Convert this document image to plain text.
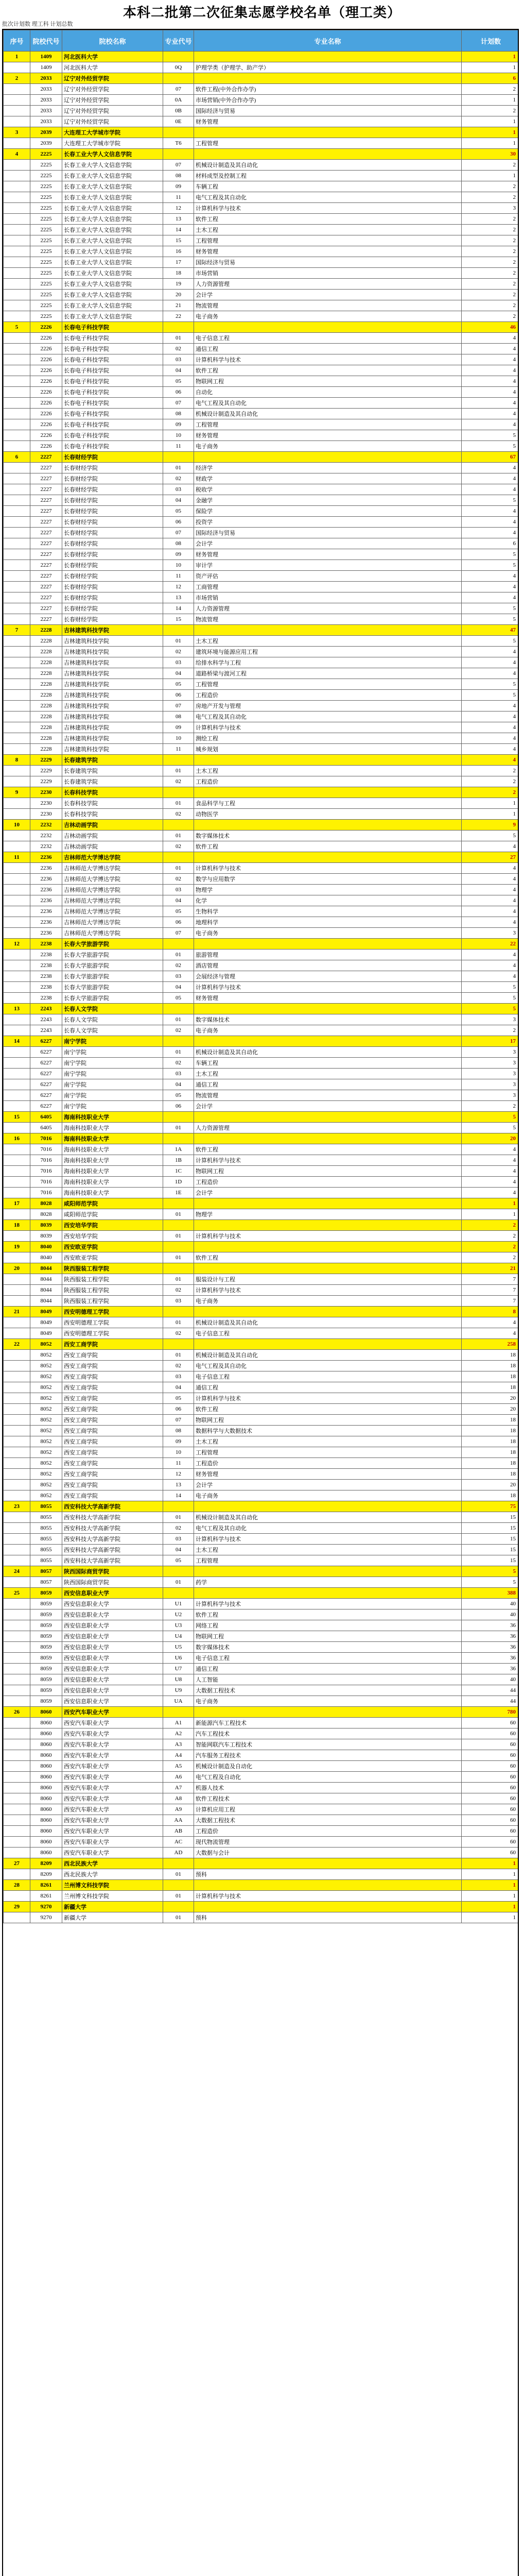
本科二批第二次征集志愿学校名单（理工类）
批次计划数 理工科 计划总数
序号	院校代号	院校名称	专业代号	专业名称	计划数
1	1409	河北医科大学			1
	1409	河北医科大学	0Q	护理学类（护理学、助产学）	1
2	2033	辽宁对外经贸学院			6
	2033	辽宁对外经贸学院	07	软件工程(中外合作办学)	2
	2033	辽宁对外经贸学院	0A	市场营销(中外合作办学)	1
	2033	辽宁对外经贸学院	0B	国际经济与贸易	2
	2033	辽宁对外经贸学院	0E	财务管理	1
3	2039	大连理工大学城市学院			1
	2039	大连理工大学城市学院	T6	工程管理	1
4	2225	长春工业大学人文信息学院			30
	2225	长春工业大学人文信息学院	07	机械设计制造及其自动化	2
	2225	长春工业大学人文信息学院	08	材料成型及控制工程	1
	2225	长春工业大学人文信息学院	09	车辆工程	2
	2225	长春工业大学人文信息学院	11	电气工程及其自动化	2
	2225	长春工业大学人文信息学院	12	计算机科学与技术	3
	2225	长春工业大学人文信息学院	13	软件工程	2
	2225	长春工业大学人文信息学院	14	土木工程	2
	2225	长春工业大学人文信息学院	15	工程管理	2
	2225	长春工业大学人文信息学院	16	财务管理	2
	2225	长春工业大学人文信息学院	17	国际经济与贸易	2
	2225	长春工业大学人文信息学院	18	市场营销	2
	2225	长春工业大学人文信息学院	19	人力资源管理	2
	2225	长春工业大学人文信息学院	20	会计学	2
	2225	长春工业大学人文信息学院	21	物流管理	2
	2225	长春工业大学人文信息学院	22	电子商务	2
5	2226	长春电子科技学院			46
	2226	长春电子科技学院	01	电子信息工程	4
	2226	长春电子科技学院	02	通信工程	4
	2226	长春电子科技学院	03	计算机科学与技术	4
	2226	长春电子科技学院	04	软件工程	4
	2226	长春电子科技学院	05	物联网工程	4
	2226	长春电子科技学院	06	自动化	4
	2226	长春电子科技学院	07	电气工程及其自动化	4
	2226	长春电子科技学院	08	机械设计制造及其自动化	4
	2226	长春电子科技学院	09	工程管理	4
	2226	长春电子科技学院	10	财务管理	5
	2226	长春电子科技学院	11	电子商务	5
6	2227	长春财经学院			67
	2227	长春财经学院	01	经济学	4
	2227	长春财经学院	02	财政学	4
	2227	长春财经学院	03	税收学	4
	2227	长春财经学院	04	金融学	5
	2227	长春财经学院	05	保险学	4
	2227	长春财经学院	06	投资学	4
	2227	长春财经学院	07	国际经济与贸易	4
	2227	长春财经学院	08	会计学	6
	2227	长春财经学院	09	财务管理	5
	2227	长春财经学院	10	审计学	5
	2227	长春财经学院	11	资产评估	4
	2227	长春财经学院	12	工商管理	4
	2227	长春财经学院	13	市场营销	4
	2227	长春财经学院	14	人力资源管理	5
	2227	长春财经学院	15	物流管理	5
7	2228	吉林建筑科技学院			47
	2228	吉林建筑科技学院	01	土木工程	5
	2228	吉林建筑科技学院	02	建筑环境与能源应用工程	4
	2228	吉林建筑科技学院	03	给排水科学与工程	4
	2228	吉林建筑科技学院	04	道路桥梁与渡河工程	4
	2228	吉林建筑科技学院	05	工程管理	5
	2228	吉林建筑科技学院	06	工程造价	5
	2228	吉林建筑科技学院	07	房地产开发与管理	4
	2228	吉林建筑科技学院	08	电气工程及其自动化	4
	2228	吉林建筑科技学院	09	计算机科学与技术	4
	2228	吉林建筑科技学院	10	测绘工程	4
	2228	吉林建筑科技学院	11	城乡规划	4
8	2229	长春建筑学院			4
	2229	长春建筑学院	01	土木工程	2
	2229	长春建筑学院	02	工程造价	2
9	2230	长春科技学院			2
	2230	长春科技学院	01	食品科学与工程	1
	2230	长春科技学院	02	动物医学	1
10	2232	吉林动画学院			9
	2232	吉林动画学院	01	数字媒体技术	5
	2232	吉林动画学院	02	软件工程	4
11	2236	吉林师范大学博达学院			27
	2236	吉林师范大学博达学院	01	计算机科学与技术	4
	2236	吉林师范大学博达学院	02	数学与应用数学	4
	2236	吉林师范大学博达学院	03	物理学	4
	2236	吉林师范大学博达学院	04	化学	4
	2236	吉林师范大学博达学院	05	生物科学	4
	2236	吉林师范大学博达学院	06	地理科学	4
	2236	吉林师范大学博达学院	07	电子商务	3
12	2238	长春大学旅游学院			22
	2238	长春大学旅游学院	01	旅游管理	4
	2238	长春大学旅游学院	02	酒店管理	4
	2238	长春大学旅游学院	03	会展经济与管理	4
	2238	长春大学旅游学院	04	计算机科学与技术	5
	2238	长春大学旅游学院	05	财务管理	5
13	2243	长春人文学院			5
	2243	长春人文学院	01	数字媒体技术	3
	2243	长春人文学院	02	电子商务	2
14	6227	南宁学院			17
	6227	南宁学院	01	机械设计制造及其自动化	3
	6227	南宁学院	02	车辆工程	3
	6227	南宁学院	03	土木工程	3
	6227	南宁学院	04	通信工程	3
	6227	南宁学院	05	物流管理	3
	6227	南宁学院	06	会计学	2
15	6405	海南科技职业大学			5
	6405	海南科技职业大学	01	人力资源管理	5
16	7016	海南科技职业大学			20
	7016	海南科技职业大学	1A	软件工程	4
	7016	海南科技职业大学	1B	计算机科学与技术	4
	7016	海南科技职业大学	1C	物联网工程	4
	7016	海南科技职业大学	1D	工程造价	4
	7016	海南科技职业大学	1E	会计学	4
17	8028	咸阳师范学院			1
	8028	咸阳师范学院	01	物理学	1
18	8039	西安培华学院			2
	8039	西安培华学院	01	计算机科学与技术	2
19	8040	西安欧亚学院			2
	8040	西安欧亚学院	01	软件工程	2
20	8044	陕西服装工程学院			21
	8044	陕西服装工程学院	01	服装设计与工程	7
	8044	陕西服装工程学院	02	计算机科学与技术	7
	8044	陕西服装工程学院	03	电子商务	7
21	8049	西安明德理工学院			8
	8049	西安明德理工学院	01	机械设计制造及其自动化	4
	8049	西安明德理工学院	02	电子信息工程	4
22	8052	西安工商学院			258
	8052	西安工商学院	01	机械设计制造及其自动化	18
	8052	西安工商学院	02	电气工程及其自动化	18
	8052	西安工商学院	03	电子信息工程	18
	8052	西安工商学院	04	通信工程	18
	8052	西安工商学院	05	计算机科学与技术	20
	8052	西安工商学院	06	软件工程	20
	8052	西安工商学院	07	物联网工程	18
	8052	西安工商学院	08	数据科学与大数据技术	18
	8052	西安工商学院	09	土木工程	18
	8052	西安工商学院	10	工程管理	18
	8052	西安工商学院	11	工程造价	18
	8052	西安工商学院	12	财务管理	18
	8052	西安工商学院	13	会计学	20
	8052	西安工商学院	14	电子商务	18
23	8055	西安科技大学高新学院			75
	8055	西安科技大学高新学院	01	机械设计制造及其自动化	15
	8055	西安科技大学高新学院	02	电气工程及其自动化	15
	8055	西安科技大学高新学院	03	计算机科学与技术	15
	8055	西安科技大学高新学院	04	土木工程	15
	8055	西安科技大学高新学院	05	工程管理	15
24	8057	陕西国际商贸学院			5
	8057	陕西国际商贸学院	01	药学	5
25	8059	西安信息职业大学			388
	8059	西安信息职业大学	U1	计算机科学与技术	40
	8059	西安信息职业大学	U2	软件工程	40
	8059	西安信息职业大学	U3	网络工程	36
	8059	西安信息职业大学	U4	物联网工程	36
	8059	西安信息职业大学	U5	数字媒体技术	36
	8059	西安信息职业大学	U6	电子信息工程	36
	8059	西安信息职业大学	U7	通信工程	36
	8059	西安信息职业大学	U8	人工智能	40
	8059	西安信息职业大学	U9	大数据工程技术	44
	8059	西安信息职业大学	UA	电子商务	44
26	8060	西安汽车职业大学			780
	8060	西安汽车职业大学	A1	新能源汽车工程技术	60
	8060	西安汽车职业大学	A2	汽车工程技术	60
	8060	西安汽车职业大学	A3	智能网联汽车工程技术	60
	8060	西安汽车职业大学	A4	汽车服务工程技术	60
	8060	西安汽车职业大学	A5	机械设计制造及自动化	60
	8060	西安汽车职业大学	A6	电气工程及自动化	60
	8060	西安汽车职业大学	A7	机器人技术	60
	8060	西安汽车职业大学	A8	软件工程技术	60
	8060	西安汽车职业大学	A9	计算机应用工程	60
	8060	西安汽车职业大学	AA	大数据工程技术	60
	8060	西安汽车职业大学	AB	工程造价	60
	8060	西安汽车职业大学	AC	现代物流管理	60
	8060	西安汽车职业大学	AD	大数据与会计	60
27	8209	西北民族大学			1
	8209	西北民族大学	01	预科	1
28	8261	兰州博文科技学院			1
	8261	兰州博文科技学院	01	计算机科学与技术	1
29	9270	新疆大学			1
	9270	新疆大学	01	预科	1
